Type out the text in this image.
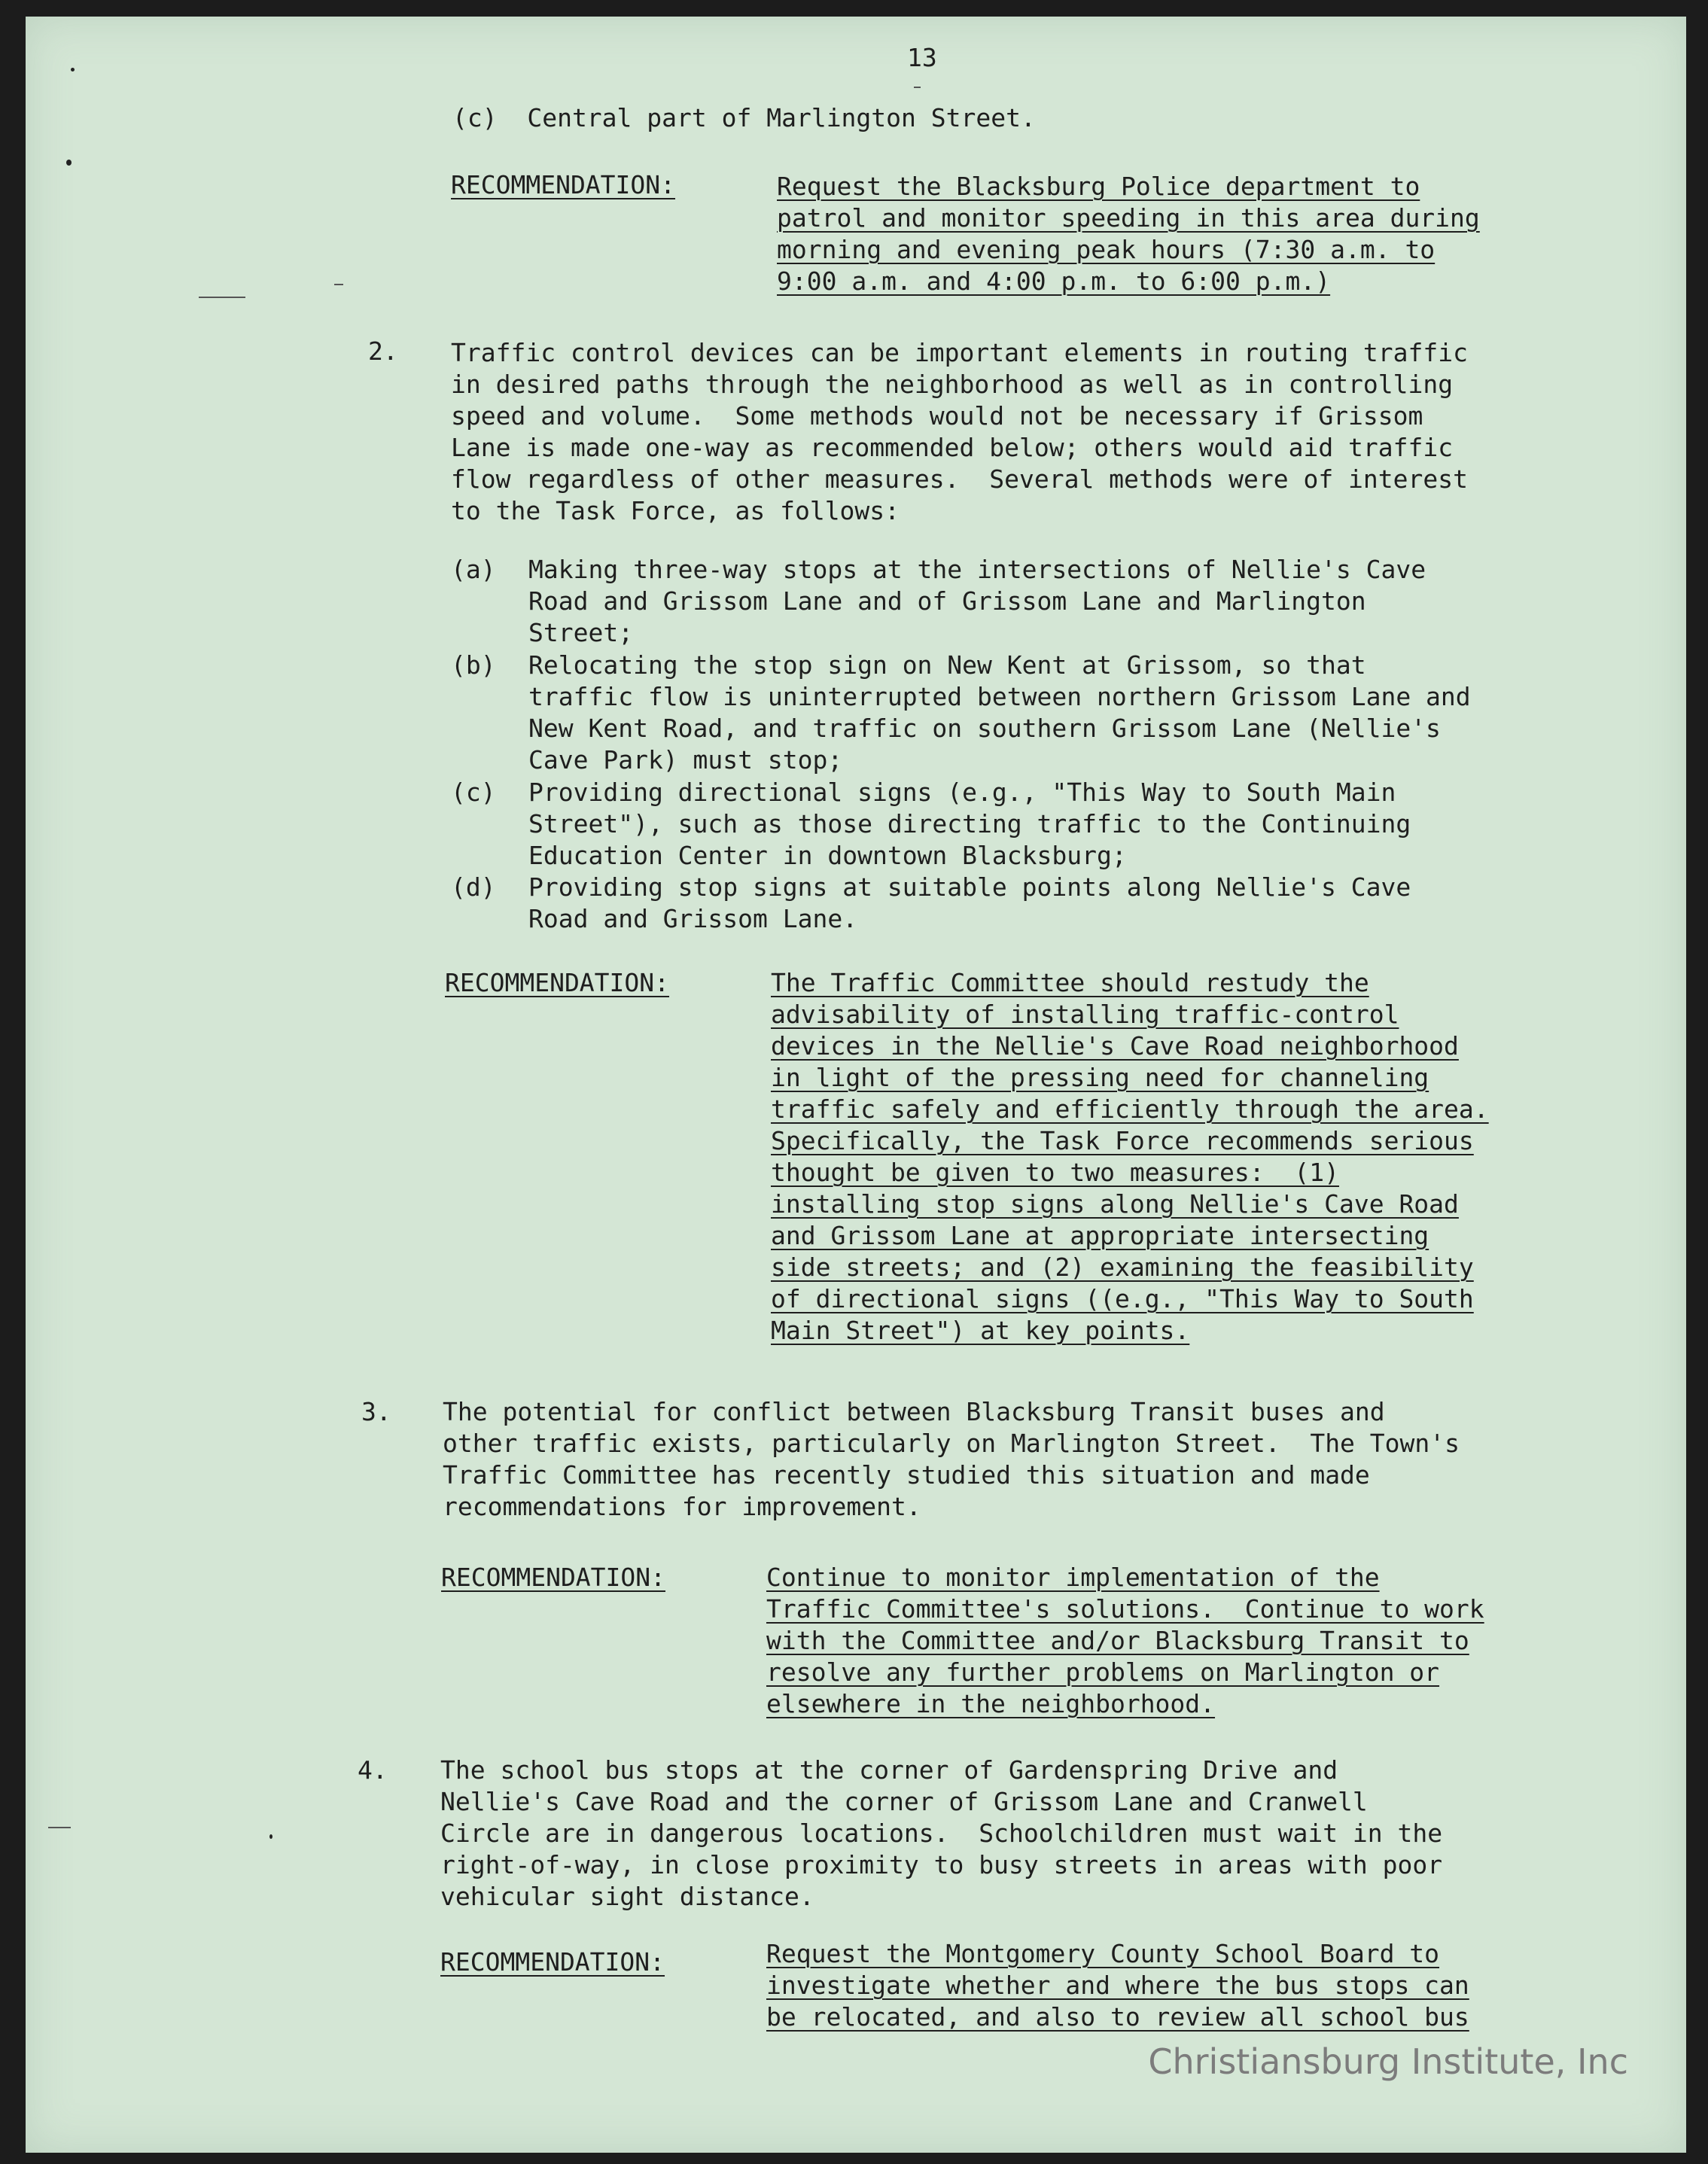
13
(c)  Central part of Marlington Street.
RECOMMENDATION:	Request the Blacksburg Police department to
patrol and monitor speeding in this area during
morning and evening peak hours (7:30 a.m. to
9:00 a.m. and 4:00 p.m. to 6:00 p.m.)
2. Traffic control devices can be important elements in routing traffic
in desired paths through the neighborhood as well as in controlling
speed and volume.  Some methods would not be necessary if Grissom
Lane is made one-way as recommended below; others would aid traffic
flow regardless of other measures.  Several methods were of interest
to the Task Force, as follows:
(a) Making three-way stops at the intersections of Nellie's Cave
Road and Grissom Lane and of Grissom Lane and Marlington
Street;
(b) Relocating the stop sign on New Kent at Grissom, so that
traffic flow is uninterrupted between northern Grissom Lane and
New Kent Road, and traffic on southern Grissom Lane (Nellie's
Cave Park) must stop;
(c) Providing directional signs (e.g., "This Way to South Main
Street"), such as those directing traffic to the Continuing
Education Center in downtown Blacksburg;
(d) Providing stop signs at suitable points along Nellie's Cave
Road and Grissom Lane.
RECOMMENDATION:	The Traffic Committee should restudy the
advisability of installing traffic-control
devices in the Nellie's Cave Road neighborhood
in light of the pressing need for channeling
traffic safely and efficiently through the area.
Specifically, the Task Force recommends serious
thought be given to two measures:  (1)
installing stop signs along Nellie's Cave Road
and Grissom Lane at appropriate intersecting
side streets; and (2) examining the feasibility
of directional signs ((e.g., "This Way to South
Main Street") at key points.
3. The potential for conflict between Blacksburg Transit buses and
other traffic exists, particularly on Marlington Street.  The Town's
Traffic Committee has recently studied this situation and made
recommendations for improvement.
RECOMMENDATION:	Continue to monitor implementation of the
Traffic Committee's solutions.  Continue to work
with the Committee and/or Blacksburg Transit to
resolve any further problems on Marlington or
elsewhere in the neighborhood.
4. The school bus stops at the corner of Gardenspring Drive and
Nellie's Cave Road and the corner of Grissom Lane and Cranwell
Circle are in dangerous locations.  Schoolchildren must wait in the
right-of-way, in close proximity to busy streets in areas with poor
vehicular sight distance.
RECOMMENDATION:	Request the Montgomery County School Board to
investigate whether and where the bus stops can
be relocated, and also to review all school bus
Christiansburg Institute, Inc
